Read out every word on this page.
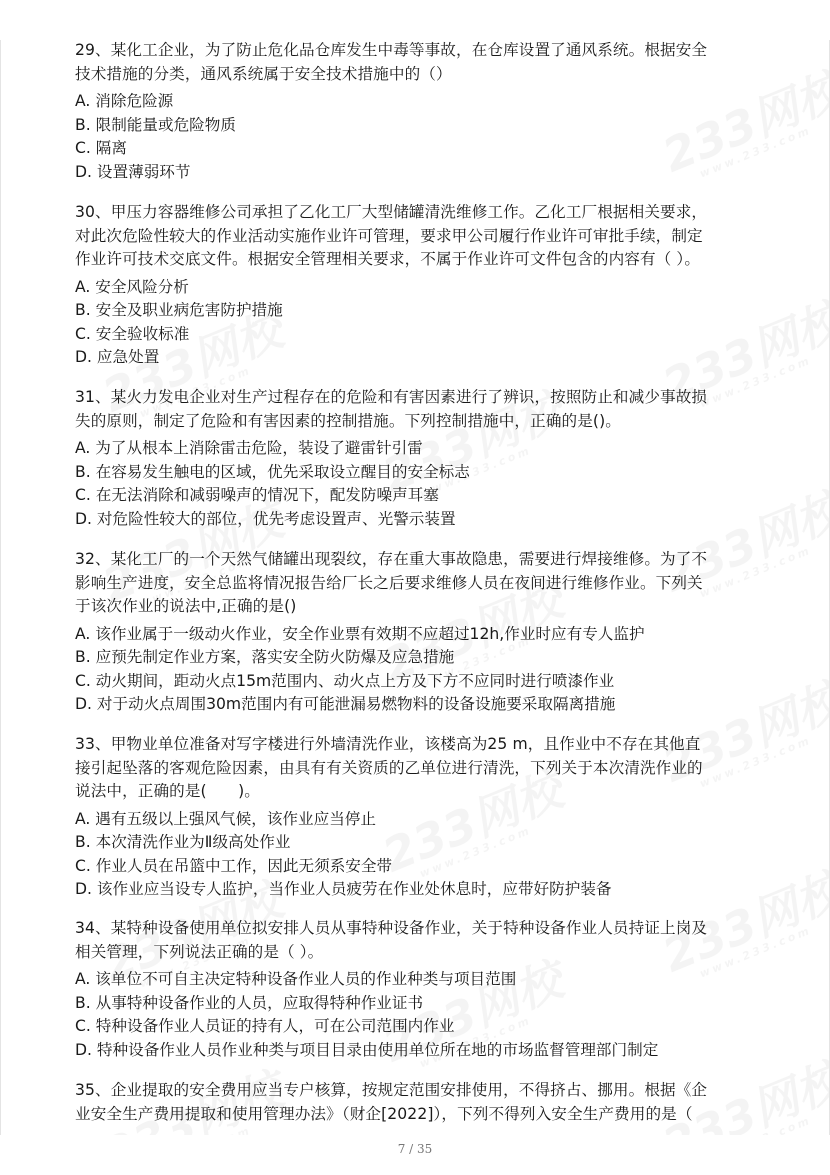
29、某化工企业，为了防止危化品仓库发生中毒等事故，在仓库设置了通风系统。根据安全

技术措施的分类，通风系统属于安全技术措施中的（）

A. 消除危险源

B. 限制能量或危险物质

C. 隔离

D. 设置薄弱环节

30、甲压力容器维修公司承担了乙化工厂大型储罐清洗维修工作。乙化工厂根据相关要求，

对此次危险性较大的作业活动实施作业许可管理，要求甲公司履行作业许可审批手续，制定

作业许可技术交底文件。根据安全管理相关要求，不属于作业许可文件包含的内容有（ ）。

A. 安全风险分析

B. 安全及职业病危害防护措施

C. 安全验收标准

D. 应急处置

31、某火力发电企业对生产过程存在的危险和有害因素进行了辨识，按照防止和减少事故损

失的原则，制定了危险和有害因素的控制措施。下列控制措施中，正确的是()。

A. 为了从根本上消除雷击危险，装设了避雷针引雷

B. 在容易发生触电的区域，优先采取设立醒目的安全标志

C. 在无法消除和减弱噪声的情况下，配发防噪声耳塞

D. 对危险性较大的部位，优先考虑设置声、光警示装置

32、某化工厂的一个天然气储罐出现裂纹，存在重大事故隐患，需要进行焊接维修。为了不

影响生产进度，安全总监将情况报告给厂长之后要求维修人员在夜间进行维修作业。下列关

于该次作业的说法中,正确的是()

A. 该作业属于一级动火作业，安全作业票有效期不应超过12h,作业时应有专人监护

B. 应预先制定作业方案，落实安全防火防爆及应急措施

C. 动火期间，距动火点15m范围内、动火点上方及下方不应同时进行喷漆作业

D. 对于动火点周围30m范围内有可能泄漏易燃物料的设备设施要采取隔离措施

33、甲物业单位准备对写字楼进行外墙清洗作业，该楼高为25 m，且作业中不存在其他直

接引起坠落的客观危险因素，由具有有关资质的乙单位进行清洗，下列关于本次清洗作业的

说法中，正确的是(　　)。

A. 遇有五级以上强风气候，该作业应当停止

B. 本次清洗作业为Ⅱ级高处作业

C. 作业人员在吊篮中工作，因此无须系安全带

D. 该作业应当设专人监护，当作业人员疲劳在作业处休息时，应带好防护装备

34、某特种设备使用单位拟安排人员从事特种设备作业，关于特种设备作业人员持证上岗及

相关管理，下列说法正确的是（ ）。

A. 该单位不可自主决定特种设备作业人员的作业种类与项目范围

B. 从事特种设备作业的人员，应取得特种作业证书

C. 特种设备作业人员证的持有人，可在公司范围内作业

D. 特种设备作业人员作业种类与项目目录由使用单位所在地的市场监督管理部门制定

35、企业提取的安全费用应当专户核算，按规定范围安排使用，不得挤占、挪用。根据《企

业安全生产费用提取和使用管理办法》（财企[2022]），下列不得列入安全生产费用的是（

7 / 35
